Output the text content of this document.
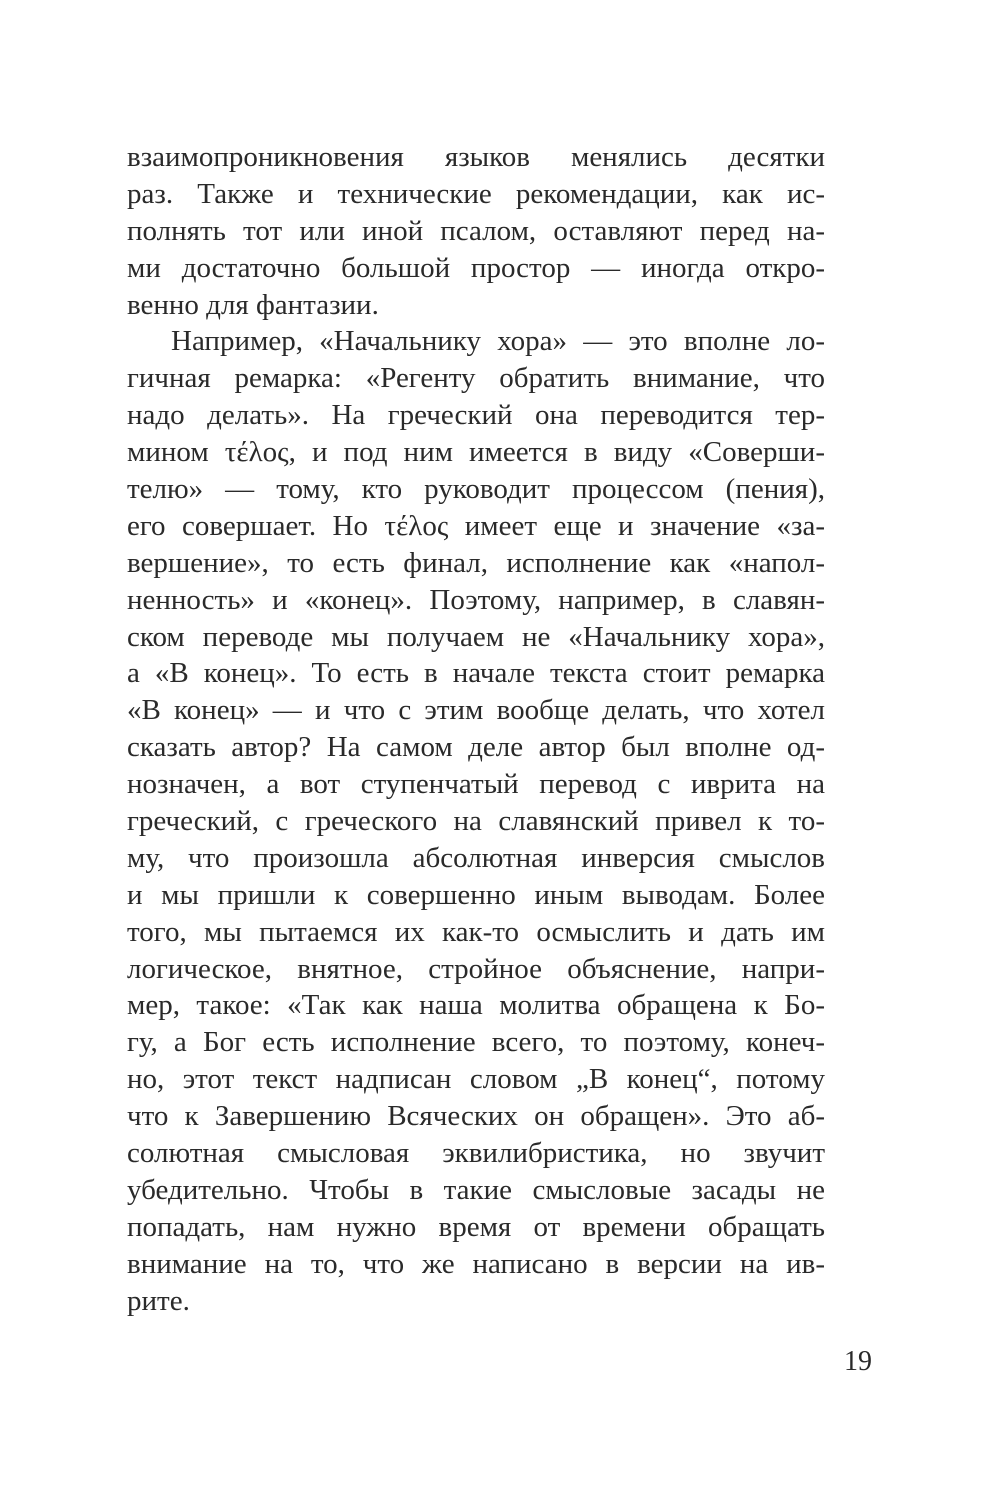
взаимопроникновения языков менялись десятки
раз. Также и технические рекомендации, как ис-
полнять тот или иной псалом, оставляют перед на-
ми достаточно большой простор — иногда откро-
венно для фантазии.
Например, «Начальнику хора» — это вполне ло-
гичная ремарка: «Регенту обратить внимание, что
надо делать». На греческий она переводится тер-
мином τέλος, и под ним имеется в виду «Соверши-
телю» — тому, кто руководит процессом (пения),
его совершает. Но τέλος имеет еще и значение «за-
вершение», то есть финал, исполнение как «напол-
ненность» и «конец». Поэтому, например, в славян-
ском переводе мы получаем не «Начальнику хора»,
а «В конец». То есть в начале текста стоит ремарка
«В конец» — и что с этим вообще делать, что хотел
сказать автор? На самом деле автор был вполне од-
нозначен, а вот ступенчатый перевод с иврита на
греческий, с греческого на славянский привел к то-
му, что произошла абсолютная инверсия смыслов
и мы пришли к совершенно иным выводам. Более
того, мы пытаемся их как-то осмыслить и дать им
логическое, внятное, стройное объяснение, напри-
мер, такое: «Так как наша молитва обращена к Бо-
гу, а Бог есть исполнение всего, то поэтому, конеч-
но, этот текст надписан словом „В конец“, потому
что к Завершению Всяческих он обращен». Это аб-
солютная смысловая эквилибристика, но звучит
убедительно. Чтобы в такие смысловые засады не
попадать, нам нужно время от времени обращать
внимание на то, что же написано в версии на ив-
рите.
19
